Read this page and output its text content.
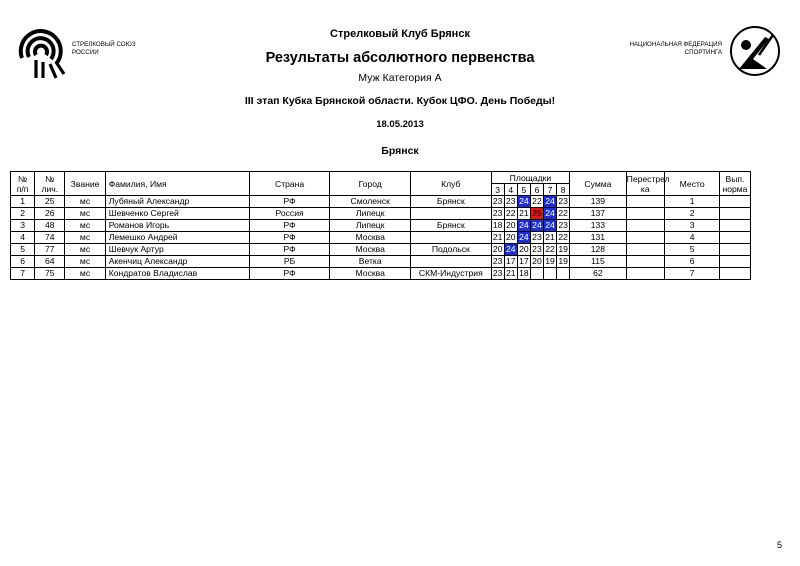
СТРЕЛКОВЫЙ СОЮЗ
РОССИИ
НАЦИОНАЛЬНАЯ ФЕДЕРАЦИЯ
СПОРТИНГА
Стрелковый Клуб Брянск
Результаты абсолютного первенства
Муж Категория А
III этап Кубка Брянской области. Кубок ЦФО. День Победы!
18.05.2013
Брянск
№
п/п	№
лич.	Звание	Фамилия, Имя	Страна	Город	Клуб	Площадки						Сумма	Перестрел
ка	Место	Вып.
норма
							3	4	5	6	7	8				
1	25	мс	Лубяный Александр	РФ	Смоленск	Брянск	23	23	24	22	24	23	139		1	
2	26	мс	Шевченко Сергей	Россия	Липецк		23	22	21	25	24	22	137		2	
3	48	мс	Романов Игорь	РФ	Липецк	Брянск	18	20	24	24	24	23	133		3	
4	74	мс	Лемешко Андрей	РФ	Москва		21	20	24	23	21	22	131		4	
5	77	мс	Шевчук Артур	РФ	Москва	Подольск	20	24	20	23	22	19	128		5	
6	64	мс	Акенчиц Александр	РБ	Ветка		23	17	17	20	19	19	115		6	
7	75	мс	Кондратов Владислав	РФ	Москва	СКМ-Индустрия	23	21	18				62		7	
5
